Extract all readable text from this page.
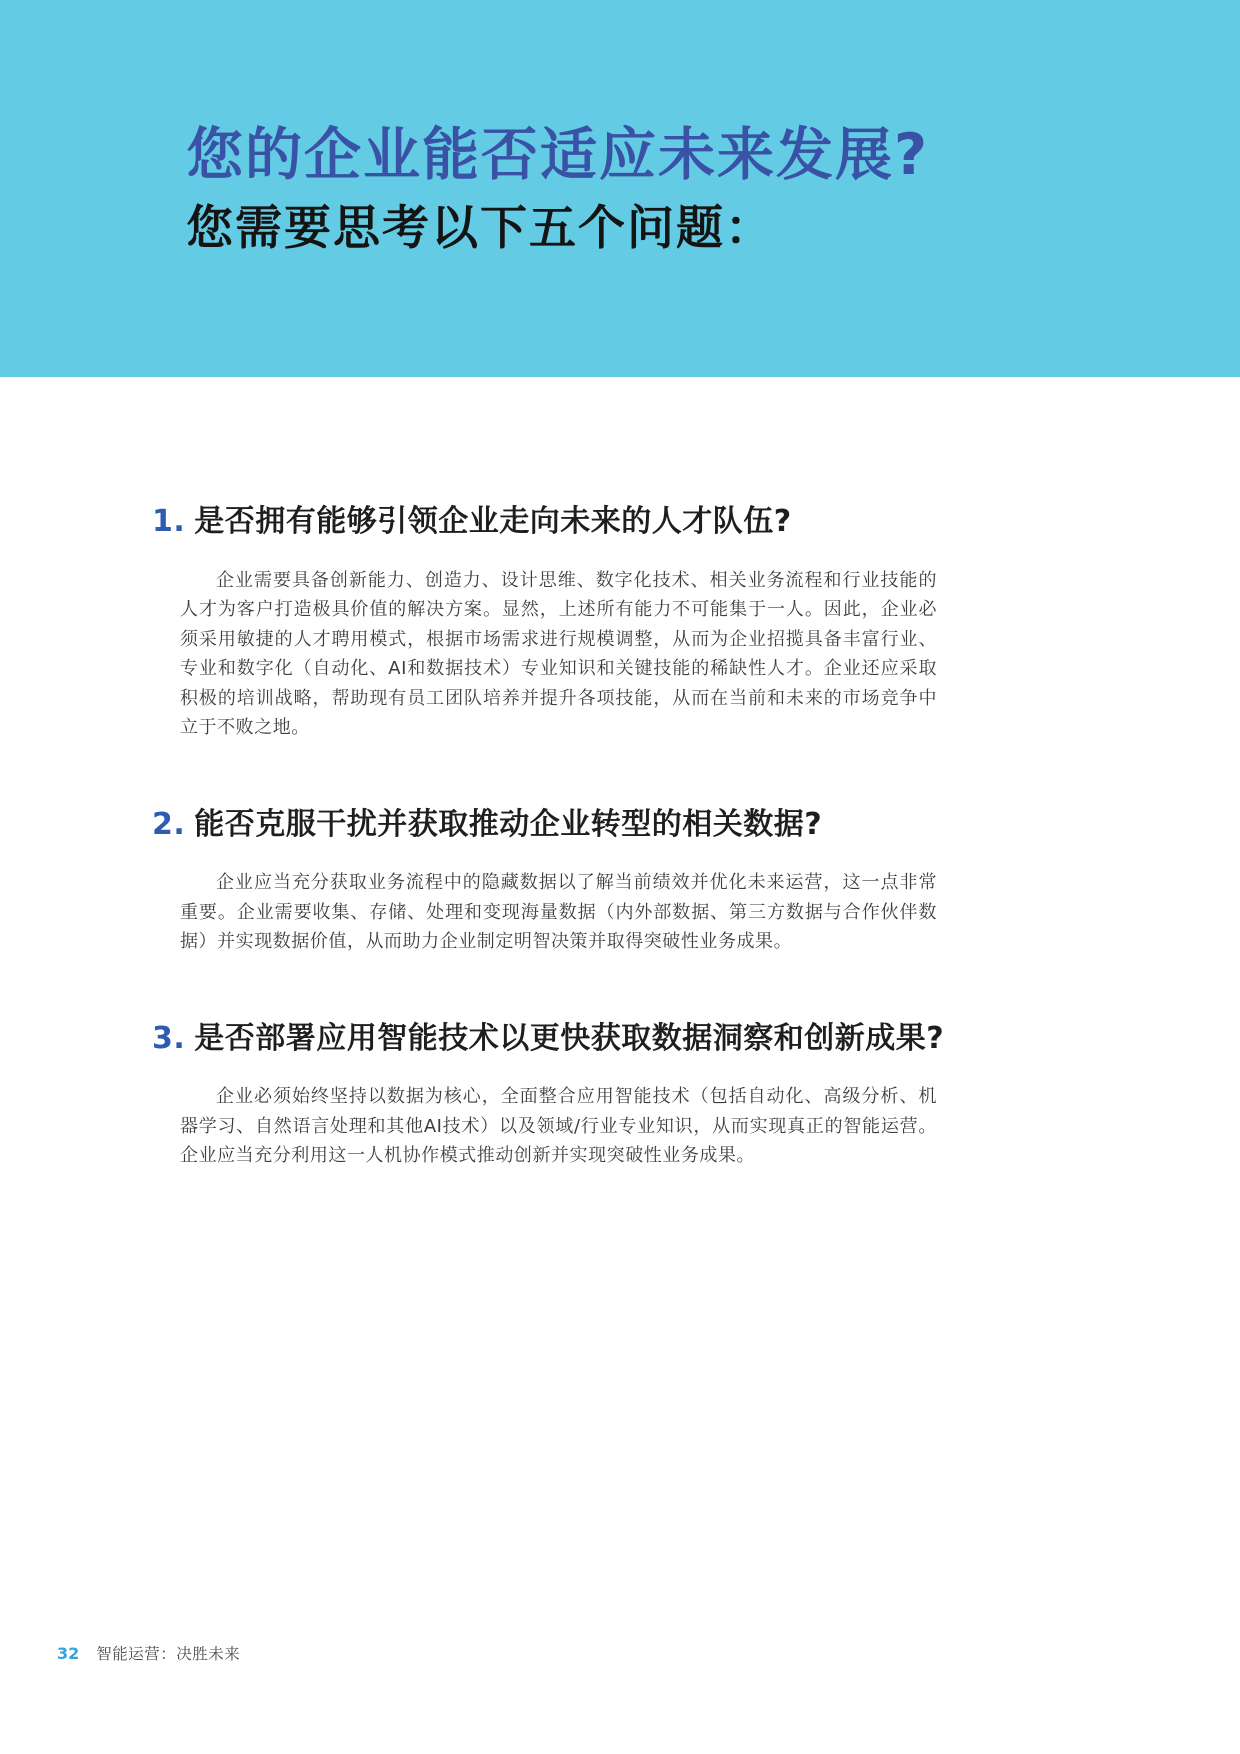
您的企业能否适应未来发展?
您需要思考以下五个问题：
1. 是否拥有能够引领企业走向未来的人才队伍?

企业需要具备创新能力、创造力、设计思维、数字化技术、相关业务流程和行业技能的人才为客户打造极具价值的解决方案。显然，上述所有能力不可能集于一人。因此，企业必须采用敏捷的人才聘用模式，根据市场需求进行规模调整，从而为企业招揽具备丰富行业、专业和数字化（自动化、AI和数据技术）专业知识和关键技能的稀缺性人才。企业还应采取积极的培训战略，帮助现有员工团队培养并提升各项技能，从而在当前和未来的市场竞争中立于不败之地。

2. 能否克服干扰并获取推动企业转型的相关数据?

企业应当充分获取业务流程中的隐藏数据以了解当前绩效并优化未来运营，这一点非常重要。企业需要收集、存储、处理和变现海量数据（内外部数据、第三方数据与合作伙伴数据）并实现数据价值，从而助力企业制定明智决策并取得突破性业务成果。

3. 是否部署应用智能技术以更快获取数据洞察和创新成果?

企业必须始终坚持以数据为核心，全面整合应用智能技术（包括自动化、高级分析、机器学习、自然语言处理和其他AI技术）以及领域/行业专业知识，从而实现真正的智能运营。企业应当充分利用这一人机协作模式推动创新并实现突破性业务成果。

32 智能运营：决胜未来
